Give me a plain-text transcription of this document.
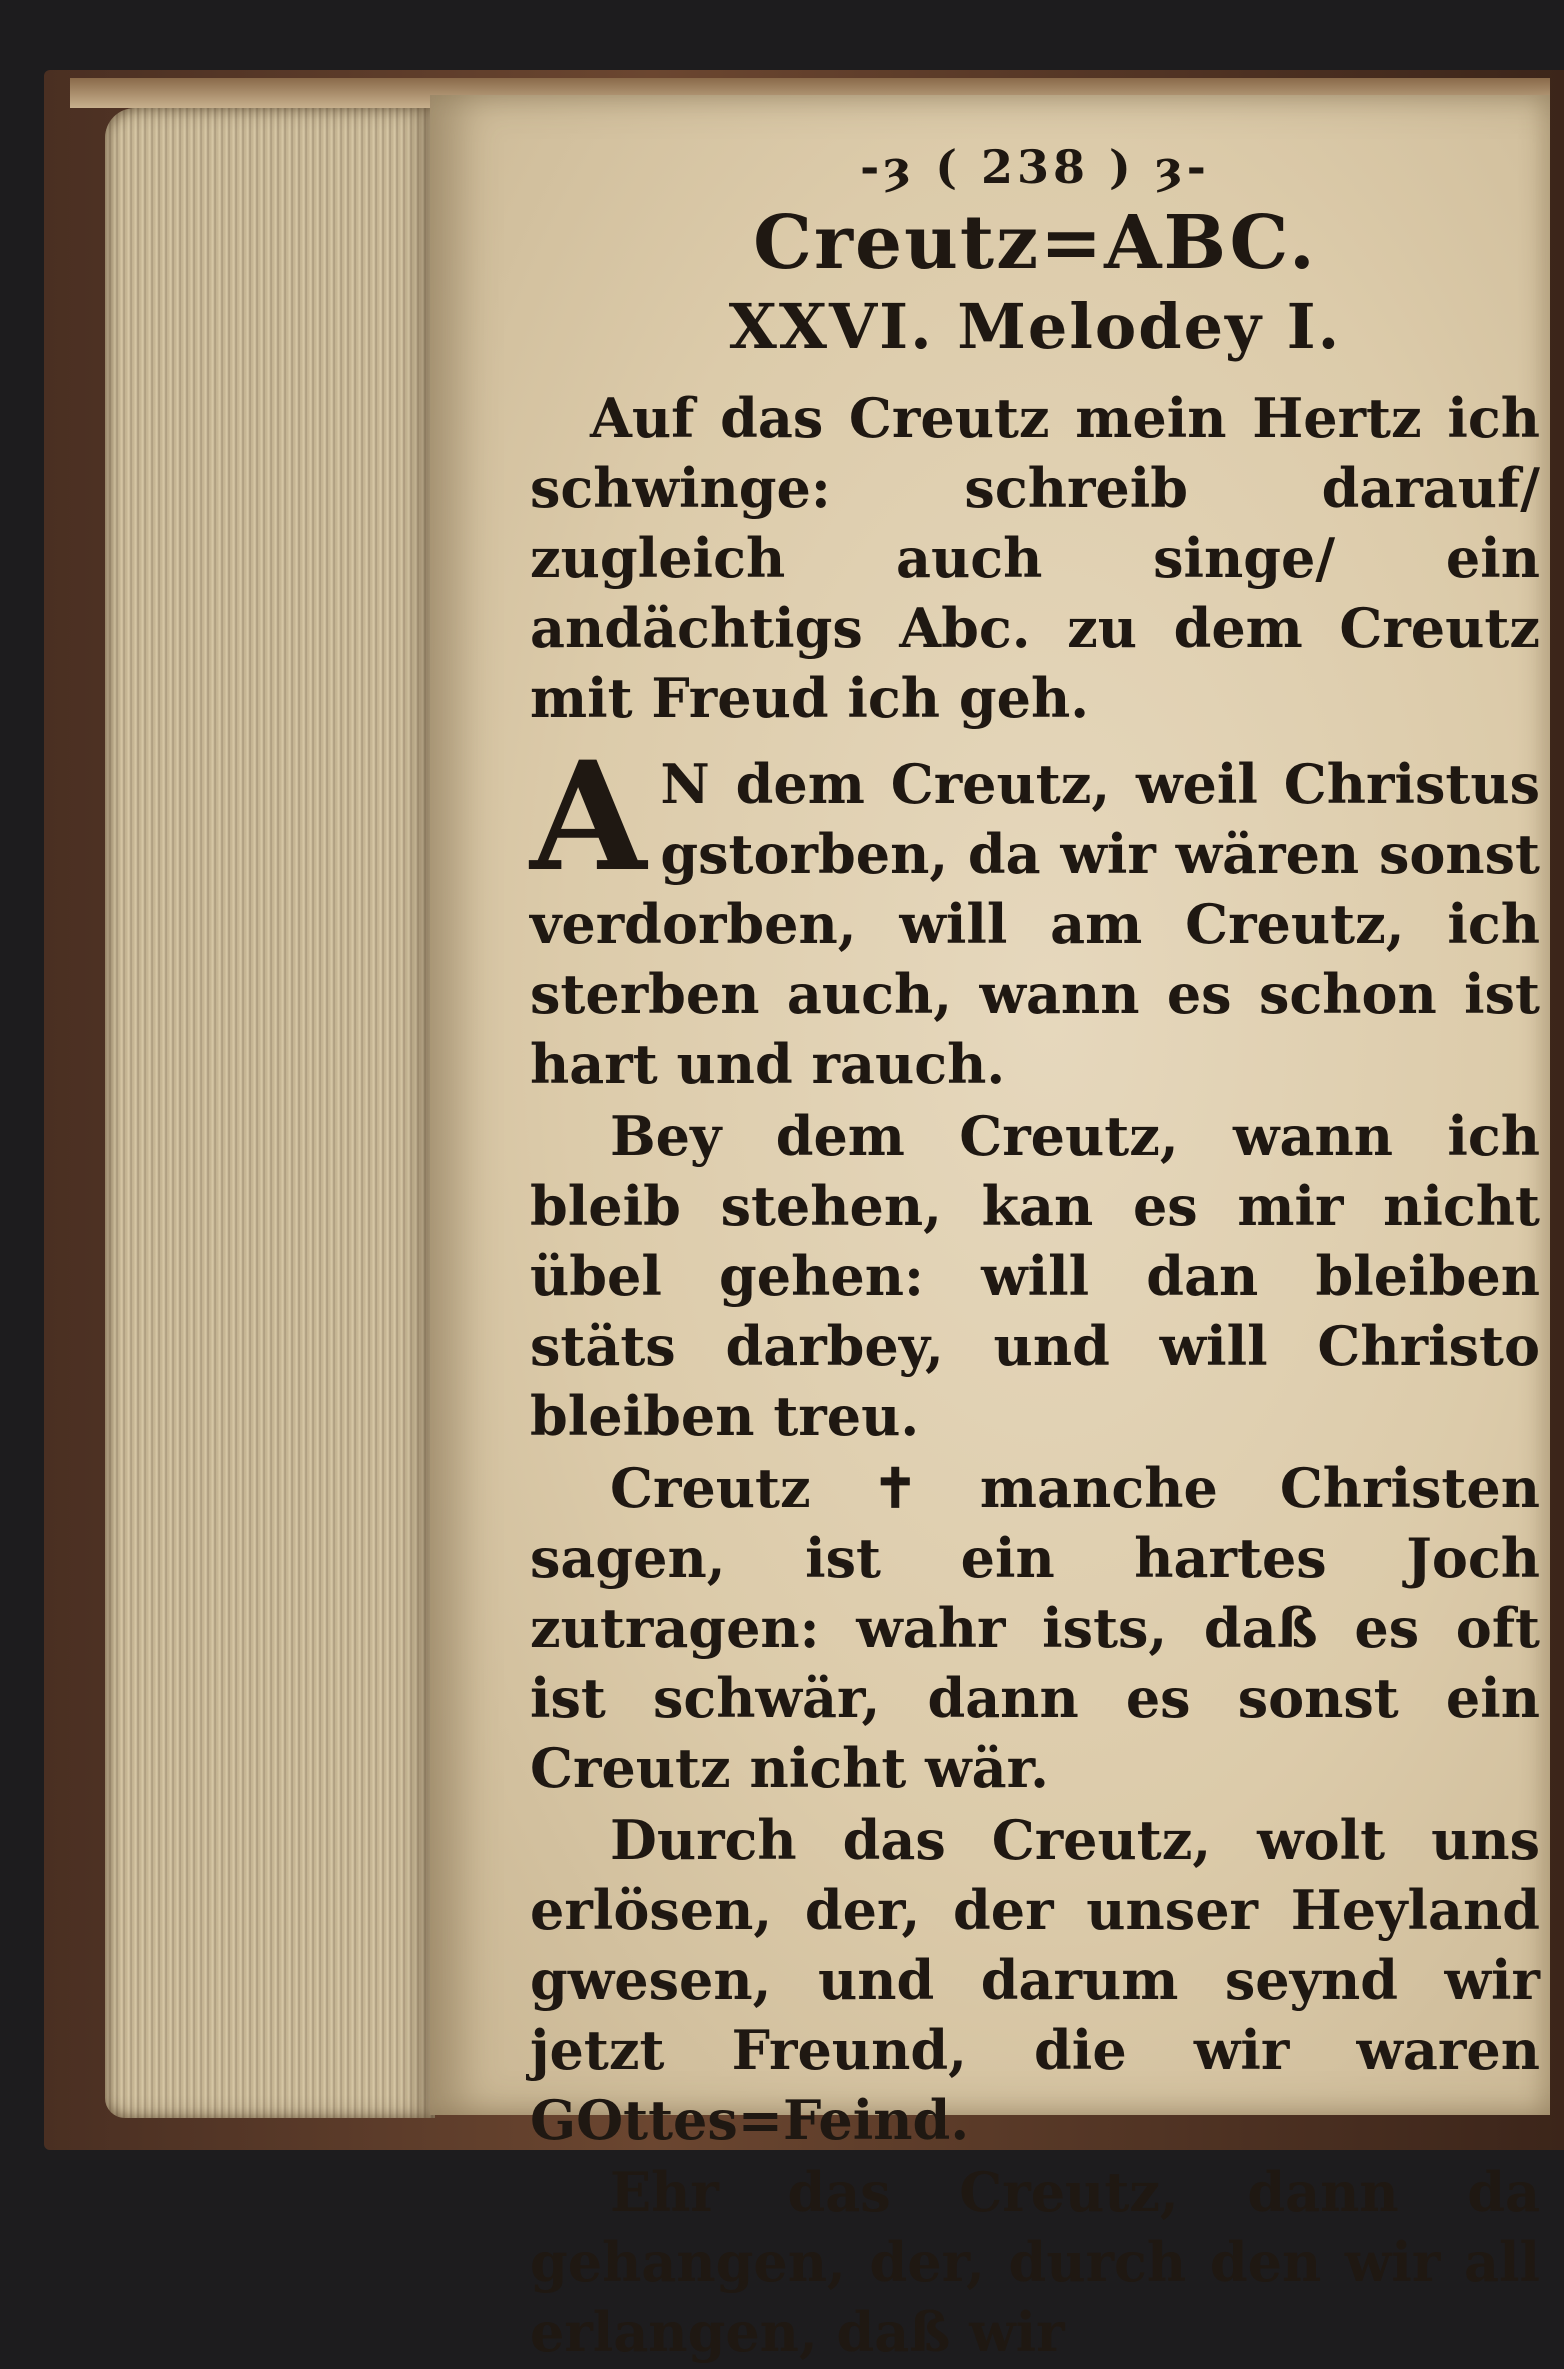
-ȝ ( 238 ) ȝ-
Creutz=ABC.
XXVI. Melodey I.

Auf das Creutz mein Hertz ich schwinge: schreib darauf/ zugleich auch singe/ ein andächtigs Abc. zu dem Creutz mit Freud ich geh.

A N dem Creutz, weil Christus gstorben, da wir wären sonst verdorben, will am Creutz, ich sterben auch, wann es schon ist hart und rauch.

Bey dem Creutz, wann ich bleib stehen, kan es mir nicht übel gehen: will dan bleiben stäts darbey, und will Christo bleiben treu.

Creutz ✝ manche Christen sagen, ist ein hartes Joch zutragen: wahr ists, daß es oft ist schwär, dann es sonst ein Creutz nicht wär.

Durch das Creutz, wolt uns erlösen, der, der unser Heyland gwesen, und darum seynd wir jetzt Freund, die wir waren GOttes=Feind.

Ehr das Creutz, dann da gehangen, der, durch den wir all erlangen, daß wir
